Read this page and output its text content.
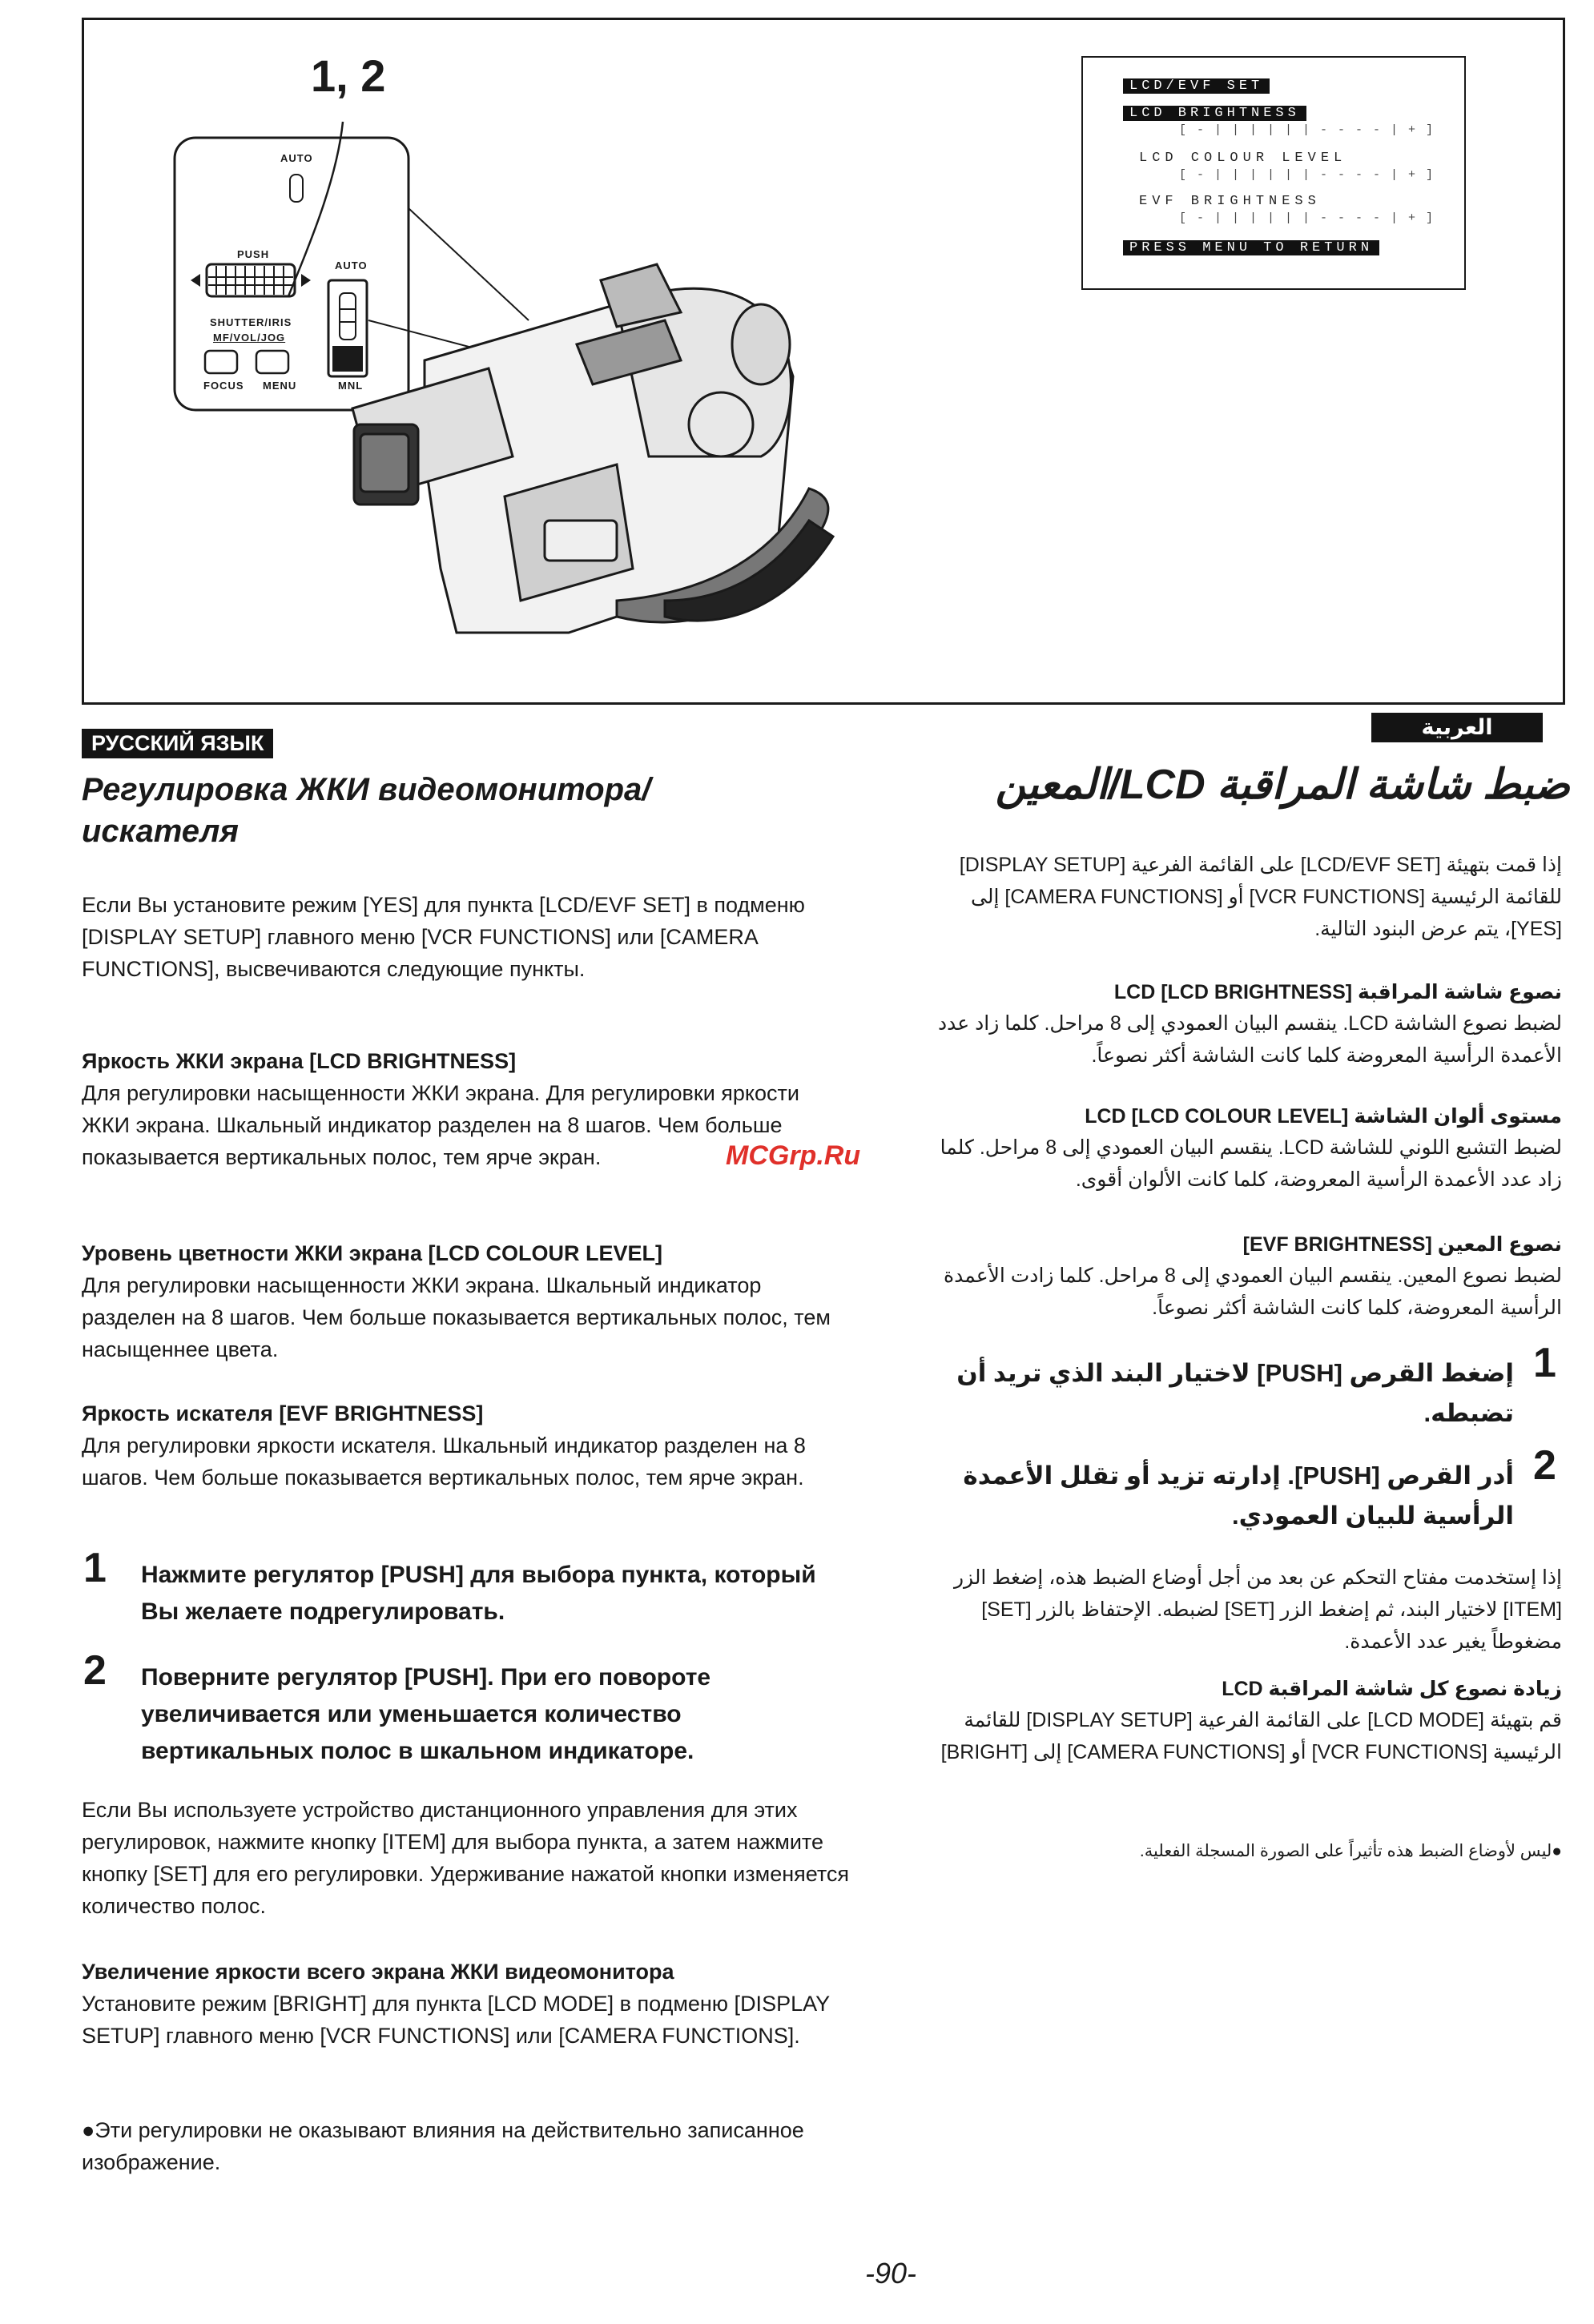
1, 2
AUTO
PUSH
AUTO
SHUTTER/IRIS
MF/VOL/JOG
FOCUS MENU	MNL
LCD/EVF SET
LCD BRIGHTNESS
[ - | | | | | | - - - - | + ]
LCD COLOUR LEVEL
[ - | | | | | | - - - - | + ]
EVF BRIGHTNESS
[ - | | | | | | - - - - | + ]
PRESS MENU TO RETURN
РУССКИЙ ЯЗЫК
Регулировка ЖКИ видеомонитора/ искателя
Если Вы установите режим [YES] для пункта [LCD/EVF SET] в подменю [DISPLAY SETUP] главного меню [VCR FUNCTIONS] или [CAMERA FUNCTIONS], высвечиваются следующие пункты.
Яркость ЖКИ экрана [LCD BRIGHTNESS]
Для регулировки насыщенности ЖКИ экрана. Для регулировки яркости ЖКИ экрана. Шкальный индикатор разделен на 8 шагов. Чем больше показывается вертикальных полос, тем ярче экран.
Уровень цветности ЖКИ экрана [LCD COLOUR LEVEL]
Для регулировки насыщенности ЖКИ экрана. Шкальный индикатор разделен на 8 шагов. Чем больше показывается вертикальных полос, тем насыщеннее цвета.
Яркость искателя [EVF BRIGHTNESS]
Для регулировки яркости искателя. Шкальный индикатор разделен на 8 шагов. Чем больше показывается вертикальных полос, тем ярче экран.
1 Нажмите регулятор [PUSH] для выбора пункта, который Вы желаете подрегулировать.
2 Поверните регулятор [PUSH]. При его повороте увеличивается или уменьшается количество вертикальных полос в шкальном индикаторе.
Если Вы используете устройство дистанционного управления для этих регулировок, нажмите кнопку [ITEM] для выбора пункта, а затем нажмите кнопку [SET] для его регулировки. Удерживание нажатой кнопки изменяется количество полос.
Увеличение яркости всего экрана ЖКИ видеомонитора
Установите режим [BRIGHT] для пункта [LCD MODE] в подменю [DISPLAY SETUP] главного меню [VCR FUNCTIONS] или [CAMERA FUNCTIONS].
●Эти регулировки не оказывают влияния на действительно записанное изображение.
MCGrp.Ru
العربية
ضبط شاشة المراقبة LCD/المعين
إذا قمت بتهيئة [LCD/EVF SET] على القائمة الفرعية [DISPLAY SETUP] للقائمة الرئيسية [VCR FUNCTIONS] أو [CAMERA FUNCTIONS] إلى [YES]، يتم عرض البنود التالية.
نصوع شاشة المراقبة LCD [LCD BRIGHTNESS]
لضبط نصوع الشاشة LCD. ينقسم البيان العمودي إلى 8 مراحل. كلما زاد عدد الأعمدة الرأسية المعروضة كلما كانت الشاشة أكثر نصوعاً.
مستوى ألوان الشاشة LCD [LCD COLOUR LEVEL]
لضبط التشبع اللوني للشاشة LCD. ينقسم البيان العمودي إلى 8 مراحل. كلما زاد عدد الأعمدة الرأسية المعروضة، كلما كانت الألوان أقوى.
نصوع المعين [EVF BRIGHTNESS]
لضبط نصوع المعين. ينقسم البيان العمودي إلى 8 مراحل. كلما زادت الأعمدة الرأسية المعروضة، كلما كانت الشاشة أكثر نصوعاً.
1
إضغط القرص [PUSH] لاختيار البند الذي تريد أن تضبطه.
2
أدر القرص [PUSH]. إدارته تزيد أو تقلل الأعمدة الرأسية للبيان العمودي.
إذا إستخدمت مفتاح التحكم عن بعد من أجل أوضاع الضبط هذه، إضغط الزر [ITEM] لاختيار البند، ثم إضغط الزر [SET] لضبطه. الإحتفاظ بالزر [SET] مضغوطاً يغير عدد الأعمدة.
زيادة نصوع كل شاشة المراقبة LCD
قم بتهيئة [LCD MODE] على القائمة الفرعية [DISPLAY SETUP] للقائمة الرئيسية [VCR FUNCTIONS] أو [CAMERA FUNCTIONS] إلى [BRIGHT]
●ليس لأوضاع الضبط هذه تأثيراً على الصورة المسجلة الفعلية.
-90-
